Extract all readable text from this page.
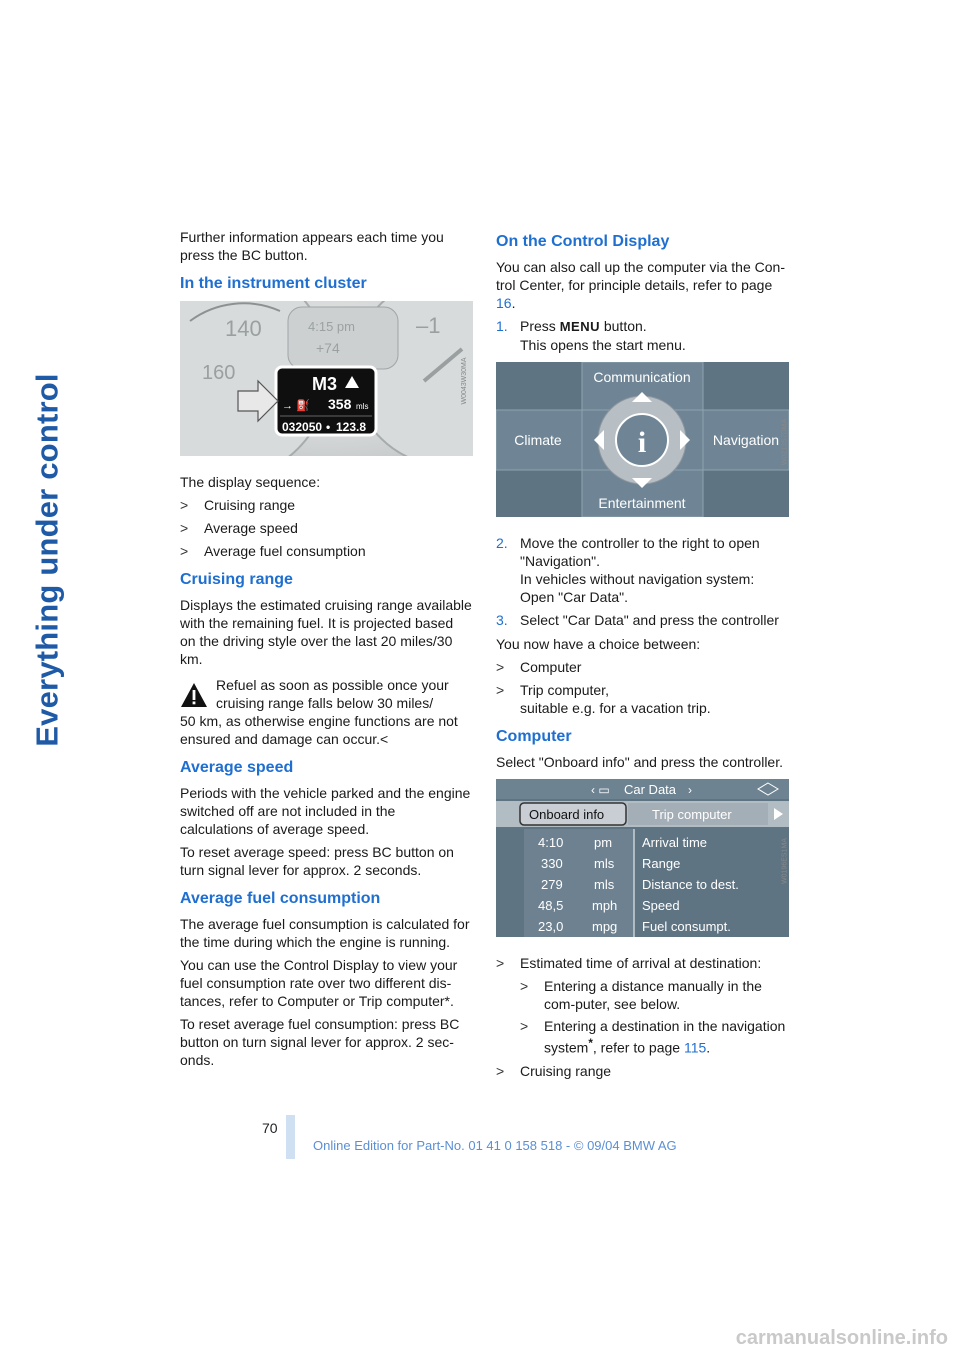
Everything under control

Further information appears each time you press the BC button.

In the instrument cluster
140
160
–1
4:15 pm
+74
M3
→ ⛽ 358 mls
032050 • 123.8
W0043W30MA

The display sequence:

> Cruising range
> Average speed
> Average fuel consumption
Cruising range

Displays the estimated cruising range available with the remaining fuel. It is projected based on the driving style over the last 20 miles/30 km.

Refuel as soon as possible once your cruising range falls below 30 miles/
50 km, as otherwise engine functions are not ensured and damage can occur.<
Average speed

Periods with the vehicle parked and the engine switched off are not included in the calculations of average speed.

To reset average speed: press BC button on turn signal lever for approx. 2 seconds.

Average fuel consumption

The average fuel consumption is calculated for the time during which the engine is running.

You can use the Control Display to view your fuel consumption rate over two different dis-tances, refer to Computer or Trip computer*.

To reset average fuel consumption: press BC button on turn signal lever for approx. 2 sec-onds.

On the Control Display

You can also call up the computer via the Con-trol Center, for principle details, refer to page 16.

1. Press MENU button.
This opens the start menu.
i
Communication
Climate	Navigation
Entertainment
W0213S7DMA
2. Move the controller to the right to open "Navigation".
In vehicles without navigation system: Open "Car Data".
3. Select "Car Data" and press the controller

You now have a choice between:

> Computer
> Trip computer,
suitable e.g. for a vacation trip.
Computer

Select "Onboard info" and press the controller.

‹ ▭ Car Data ›
Onboard info	Trip computer
4:10 pm Arrival time
330 mls Range
279 mls Distance to dest.
48,5 mph Speed
23,0 mpg Fuel consumpt.
W0196ES1MA
> Estimated time of arrival at destination:
> Entering a distance manually in the com-puter, see below.
> Entering a destination in the navigation system*, refer to page 115.
> Cruising range
70
Online Edition for Part-No. 01 41 0 158 518 - © 09/04 BMW AG
carmanualsonline.info
